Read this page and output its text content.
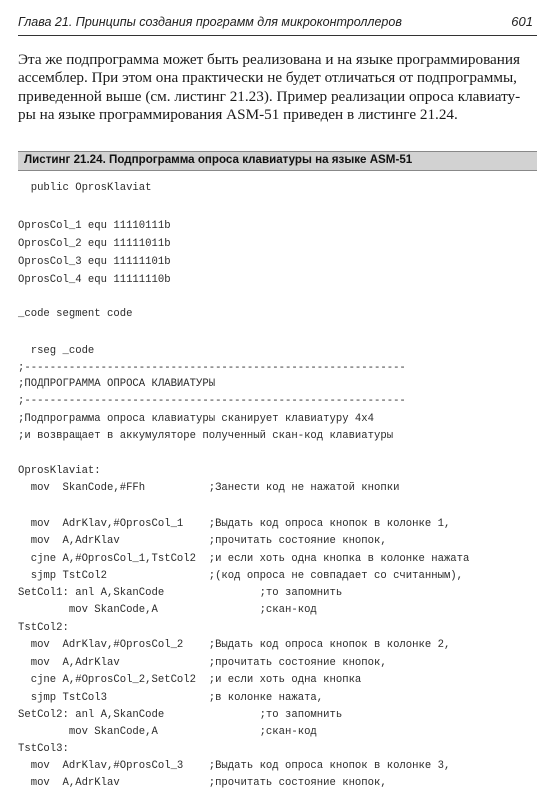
Глава 21. Принципы создания программ для микроконтроллеров	601
Эта же подпрограмма может быть реализована и на языке программирования
ассемблер. При этом она практически не будет отличаться от подпрограммы,
приведенной выше (см. листинг 21.23). Пример реализации опроса клавиату-
ры на языке программирования ASM-51 приведен в листинге 21.24.
Листинг 21.24. Подпрограмма опроса клавиатуры на языке ASM-51
public OprosKlaviat
OprosCol_1 equ 11110111b
OprosCol_2 equ 11111011b
OprosCol_3 equ 11111101b
OprosCol_4 equ 11111110b
_code segment code
rseg _code
;------------------------------------------------------------
;ПОДПРОГРАММА ОПРОСА КЛАВИАТУРЫ
;------------------------------------------------------------
;Подпрограмма опроса клавиатуры сканирует клавиатуру 4x4
;и возвращает в аккумуляторе полученный скан-код клавиатуры
OprosKlaviat:
mov  SkanCode,#FFh          ;Занести код не нажатой кнопки
mov  AdrKlav,#OprosCol_1    ;Выдать код опроса кнопок в колонке 1,
mov  A,AdrKlav              ;прочитать состояние кнопок,
cjne A,#OprosCol_1,TstCol2  ;и если хоть одна кнопка в колонке нажата
sjmp TstCol2                ;(код опроса не совпадает со считанным),
SetCol1: anl A,SkanCode               ;то запомнить
mov SkanCode,A                ;скан-код
TstCol2:
mov  AdrKlav,#OprosCol_2    ;Выдать код опроса кнопок в колонке 2,
mov  A,AdrKlav              ;прочитать состояние кнопок,
cjne A,#OprosCol_2,SetCol2  ;и если хоть одна кнопка
sjmp TstCol3                ;в колонке нажата,
SetCol2: anl A,SkanCode               ;то запомнить
mov SkanCode,A                ;скан-код
TstCol3:
mov  AdrKlav,#OprosCol_3    ;Выдать код опроса кнопок в колонке 3,
mov  A,AdrKlav              ;прочитать состояние кнопок,
